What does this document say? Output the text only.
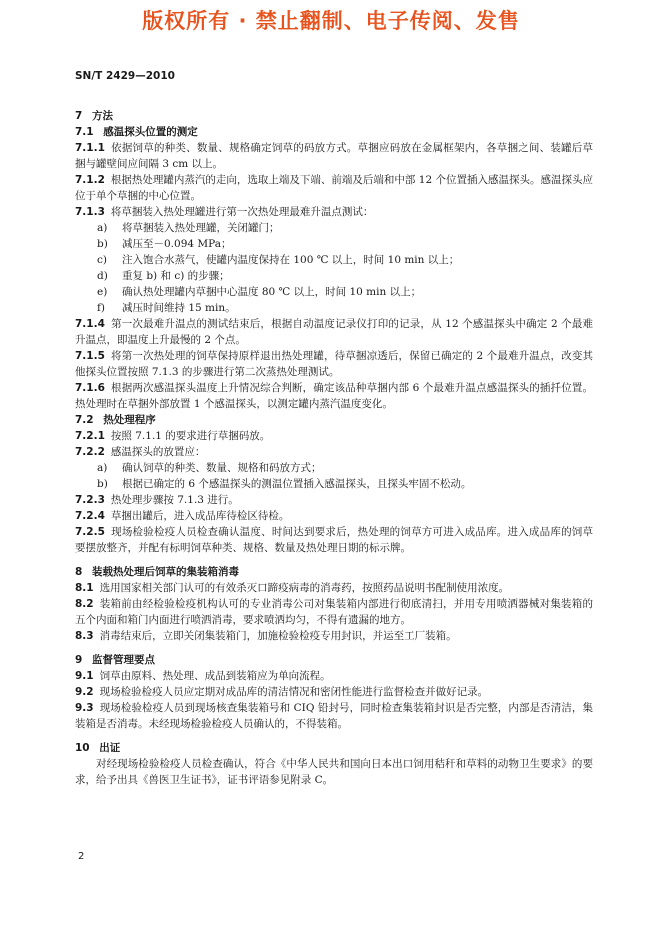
版权所有 · 禁止翻制、电子传阅、发售
SN/T 2429—2010
7 方法
7.1 感温探头位置的测定
7.1.1 依据饲草的种类、数量、规格确定饲草的码放方式。草捆应码放在金属框架内，各草捆之间、装罐后草捆与罐壁间应间隔 3 cm 以上。
7.1.2 根据热处理罐内蒸汽的走向，选取上端及下端、前端及后端和中部 12 个位置插入感温探头。感温探头应位于单个草捆的中心位置。
7.1.3 将草捆装入热处理罐进行第一次热处理最难升温点测试：
a) 将草捆装入热处理罐，关闭罐门；
b) 减压至－0.094 MPa；
c) 注入饱合水蒸气，使罐内温度保持在 100 ℃ 以上，时间 10 min 以上；
d) 重复 b) 和 c) 的步骤；
e) 确认热处理罐内草捆中心温度 80 ℃ 以上，时间 10 min 以上；
f) 减压时间维持 15 min。
7.1.4 第一次最难升温点的测试结束后，根据自动温度记录仪打印的记录，从 12 个感温探头中确定 2 个最难升温点，即温度上升最慢的 2 个点。
7.1.5 将第一次热处理的饲草保持原样退出热处理罐，待草捆凉透后，保留已确定的 2 个最难升温点，改变其他探头位置按照 7.1.3 的步骤进行第二次蒸热处理测试。
7.1.6 根据两次感温探头温度上升情况综合判断，确定该品种草捆内部 6 个最难升温点感温探头的插扦位置。热处理时在草捆外部放置 1 个感温探头，以测定罐内蒸汽温度变化。
7.2 热处理程序
7.2.1 按照 7.1.1 的要求进行草捆码放。
7.2.2 感温探头的放置应：
a) 确认饲草的种类、数量、规格和码放方式；
b) 根据已确定的 6 个感温探头的测温位置插入感温探头，且探头牢固不松动。
7.2.3 热处理步骤按 7.1.3 进行。
7.2.4 草捆出罐后，进入成品库待检区待检。
7.2.5 现场检验检疫人员检查确认温度、时间达到要求后，热处理的饲草方可进入成品库。进入成品库的饲草要摆放整齐，并配有标明饲草种类、规格、数量及热处理日期的标示牌。
8 装载热处理后饲草的集装箱消毒
8.1 选用国家相关部门认可的有效杀灭口蹄疫病毒的消毒药，按照药品说明书配制使用浓度。
8.2 装箱前由经检验检疫机构认可的专业消毒公司对集装箱内部进行彻底清扫，并用专用喷洒器械对集装箱的五个内面和箱门内面进行喷洒消毒，要求喷洒均匀，不得有遗漏的地方。
8.3 消毒结束后，立即关闭集装箱门，加施检验检疫专用封识，并运至工厂装箱。
9 监督管理要点
9.1 饲草由原料、热处理、成品到装箱应为单向流程。
9.2 现场检验检疫人员应定期对成品库的清洁情况和密闭性能进行监督检查并做好记录。
9.3 现场检验检疫人员到现场核查集装箱号和 CIQ 铅封号，同时检查集装箱封识是否完整，内部是否清洁，集装箱是否消毒。未经现场检验检疫人员确认的，不得装箱。
10 出证
对经现场检验检疫人员检查确认，符合《中华人民共和国向日本出口饲用秸秆和草料的动物卫生要求》的要求，给予出具《兽医卫生证书》，证书评语参见附录 C。
2
